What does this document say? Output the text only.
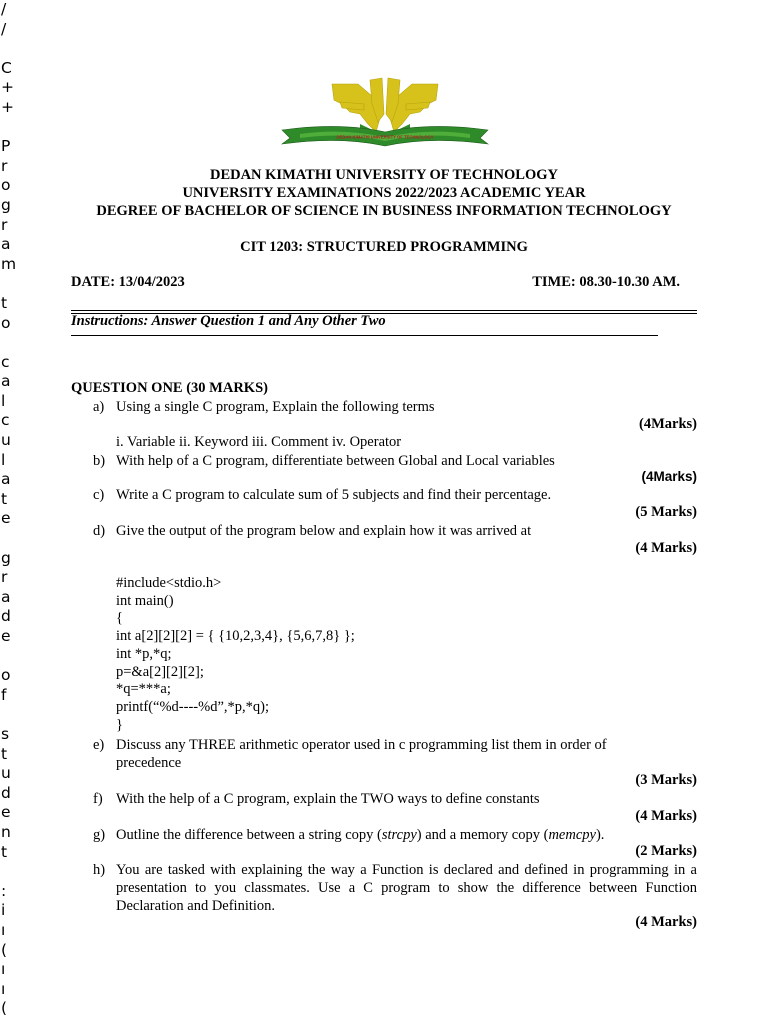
/
/
C
+
+
P
r
o
g
r
a
m
t
o
c
a
l
c
u
l
a
t
e
g
r
a
d
e
o
f
s
t
u
d
e
n
t
:
i
ı
(
ı
ı
(
DEDAN KIMATHI UNIVERSITY OF TECHNOLOGY
DEDAN KIMATHI UNIVERSITY OF TECHNOLOGY
UNIVERSITY EXAMINATIONS 2022/2023 ACADEMIC YEAR
DEGREE OF BACHELOR OF SCIENCE IN BUSINESS INFORMATION TECHNOLOGY
CIT 1203: STRUCTURED PROGRAMMING
DATE: 13/04/2023	TIME: 08.30-10.30 AM.
Instructions: Answer Question 1 and Any Other Two
QUESTION ONE (30 MARKS)
a) Using a single C program, Explain the following terms
(4Marks)
i. Variable ii. Keyword iii. Comment iv. Operator
b) With help of a C program, differentiate between Global and Local variables
(4Marks)
c) Write a C program to calculate sum of 5 subjects and find their percentage.
(5 Marks)
d) Give the output of the program below and explain how it was arrived at
(4 Marks)
#include<stdio.h>
int main()
{
int a[2][2][2] = { {10,2,3,4}, {5,6,7,8} };
int *p,*q;
p=&a[2][2][2];
*q=***a;
printf(“%d----%d”,*p,*q);
}
e) Discuss any THREE arithmetic operator used in c programming list them in order of precedence
(3 Marks)
f) With the help of a C program, explain the TWO ways to define constants
(4 Marks)
g) Outline the difference between a string copy (strcpy) and a memory copy (memcpy).
(2 Marks)
h) You are tasked with explaining the way a Function is declared and defined in programming in a presentation to you classmates. Use a C program to show the difference between Function Declaration and Definition.
(4 Marks)
